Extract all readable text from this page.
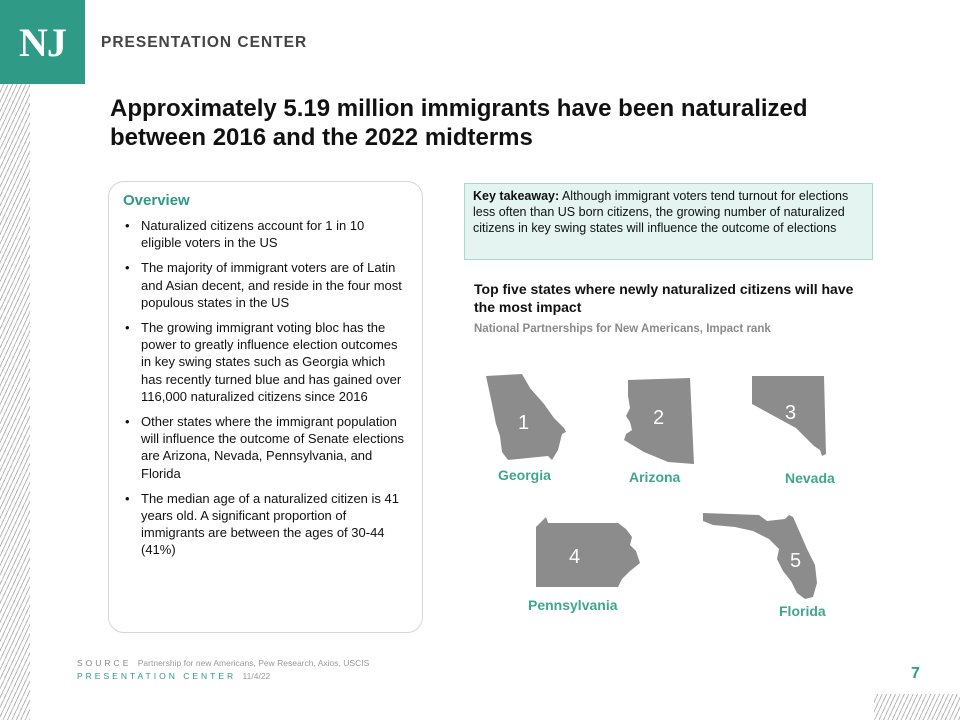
NJ	PRESENTATION CENTER
Approximately 5.19 million immigrants have been naturalized between 2016 and the 2022 midterms
Overview
• Naturalized citizens account for 1 in 10 eligible voters in the US
• The majority of immigrant voters are of Latin and Asian decent, and reside in the four most populous states in the US
• The growing immigrant voting bloc has the power to greatly influence election outcomes in key swing states such as Georgia which has recently turned blue and has gained over 116,000 naturalized citizens since 2016
• Other states where the immigrant population will influence the outcome of Senate elections are Arizona, Nevada, Pennsylvania, and Florida
• The median age of a naturalized citizen is 41 years old. A significant proportion of immigrants are between the ages of 30-44 (41%)
Key takeaway: Although immigrant voters tend turnout for elections less often than US born citizens, the growing number of naturalized citizens in key swing states will influence the outcome of elections
Top five states where newly naturalized citizens will have the most impact
National Partnerships for New Americans, Impact rank
1
Georgia
2
Arizona
3
Nevada
4
Pennsylvania
5
Florida
SOURCE Partnership for new Americans, Pew Research, Axios, USCIS
PRESENTATION CENTER 11/4/22	7
